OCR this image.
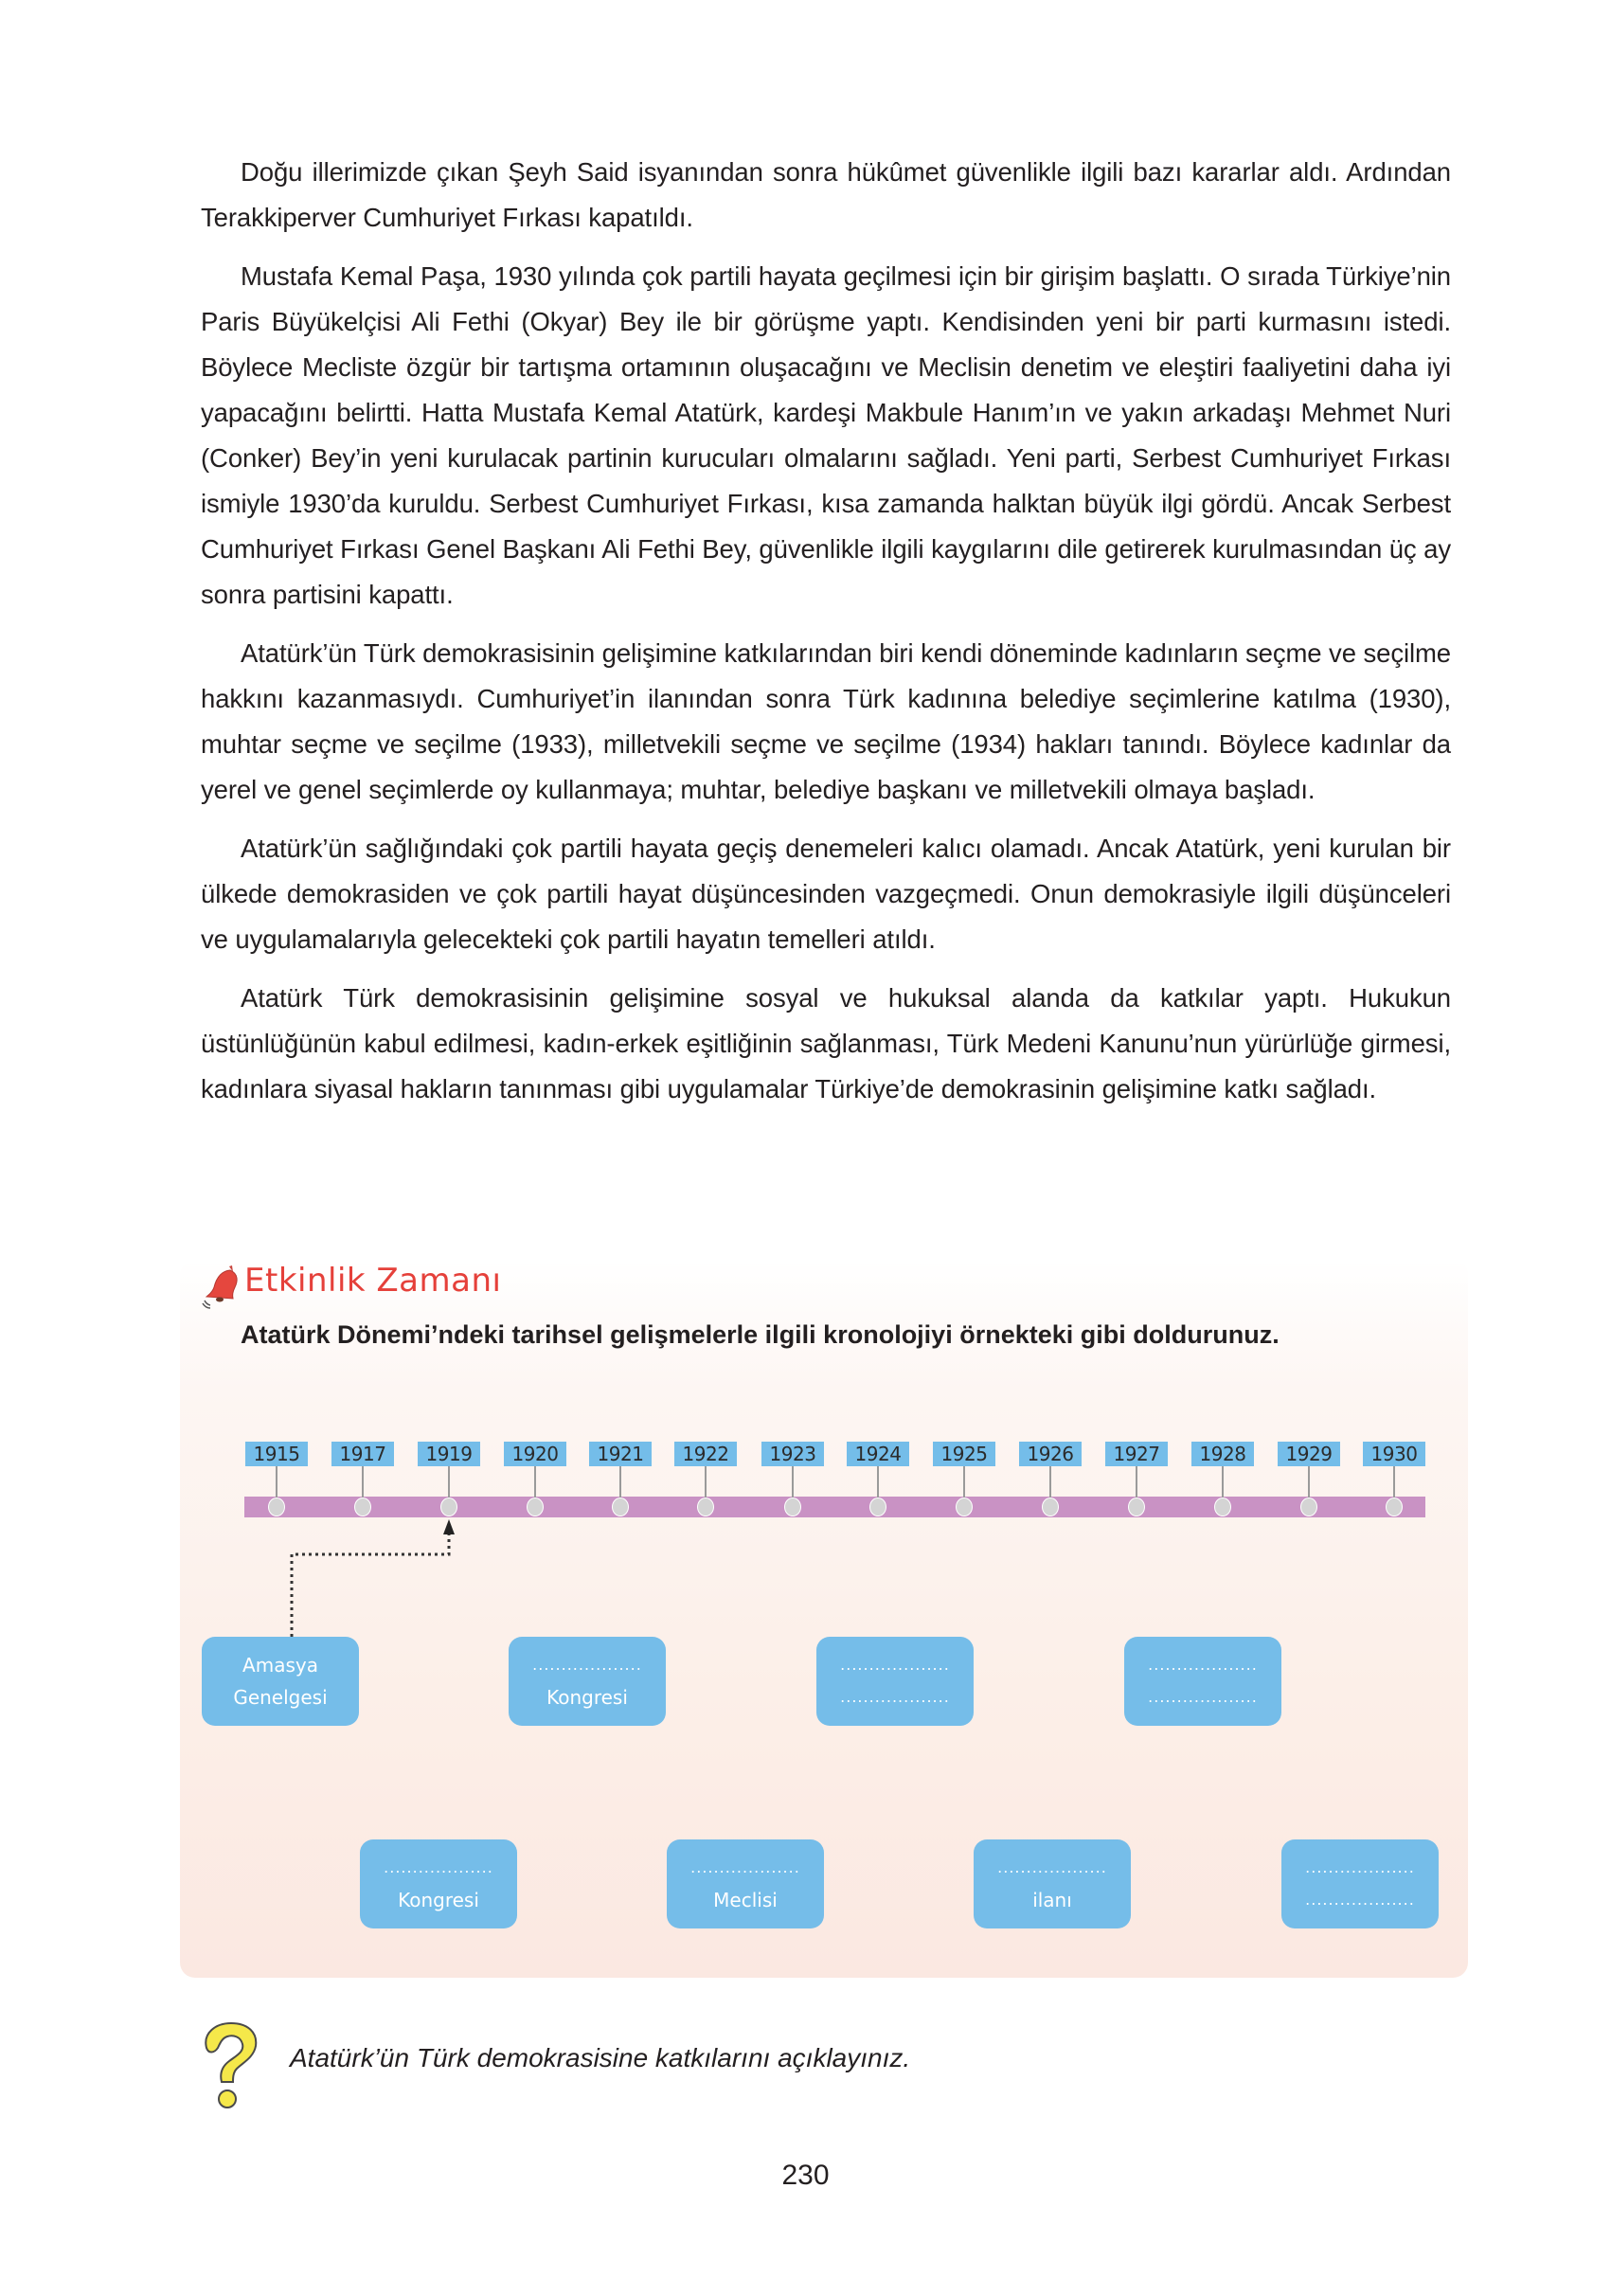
Doğu illerimizde çıkan Şeyh Said isyanından sonra hükûmet güvenlikle ilgili bazı kararlar aldı. Ardından Terakkiperver Cumhuriyet Fırkası kapatıldı.

Mustafa Kemal Paşa, 1930 yılında çok partili hayata geçilmesi için bir girişim başlattı. O sırada Türkiye’nin Paris Büyükelçisi Ali Fethi (Okyar) Bey ile bir görüşme yaptı. Kendisinden yeni bir parti kurmasını istedi. Böylece Mecliste özgür bir tartışma ortamının oluşacağını ve Meclisin denetim ve eleştiri faaliyetini daha iyi yapacağını belirtti. Hatta Mustafa Kemal Atatürk, kardeşi Makbule Hanım’ın ve yakın arkadaşı Mehmet Nuri (Conker) Bey’in yeni kurulacak partinin kurucuları olmalarını sağladı. Yeni parti, Serbest Cumhuriyet Fırkası ismiyle 1930’da kuruldu. Serbest Cumhuriyet Fırkası, kısa zamanda halktan büyük ilgi gördü. Ancak Serbest Cumhuriyet Fırkası Genel Başkanı Ali Fethi Bey, güvenlikle ilgili kaygılarını dile getirerek kurulmasından üç ay sonra partisini kapattı.

Atatürk’ün Türk demokrasisinin gelişimine katkılarından biri kendi döneminde kadınların seçme ve seçilme hakkını kazanmasıydı. Cumhuriyet’in ilanından sonra Türk kadınına belediye seçimlerine katılma (1930), muhtar seçme ve seçilme (1933), milletvekili seçme ve seçilme (1934) hakları tanındı. Böylece kadınlar da yerel ve genel seçimlerde oy kullanmaya; muhtar, belediye başkanı ve milletvekili olmaya başladı.

Atatürk’ün sağlığındaki çok partili hayata geçiş denemeleri kalıcı olamadı. Ancak Atatürk, yeni kurulan bir ülkede demokrasiden ve çok partili hayat düşüncesinden vazgeçmedi. Onun demokrasiyle ilgili düşünceleri ve uygulamalarıyla gelecekteki çok partili hayatın temelleri atıldı.

Atatürk Türk demokrasisinin gelişimine sosyal ve hukuksal alanda da katkılar yaptı. Hukukun üstünlüğünün kabul edilmesi, kadın-erkek eşitliğinin sağlanması, Türk Medeni Kanunu’nun yürürlüğe girmesi, kadınlara siyasal hakların tanınması gibi uygulamalar Türkiye’de demokrasinin gelişimine katkı sağladı.

Etkinlik Zamanı
Atatürk Dönemi’ndeki tarihsel gelişmelerle ilgili kronolojiyi örnekteki gibi doldurunuz.
1915	1917	1919	1920	1921	1922	1923	1924	1925	1926	1927	1928	1929	1930
Amasya
Genelgesi
...................
Kongresi
...................
...................
...................
...................
...................
Kongresi
...................
Meclisi
...................
ilanı
...................
...................
Atatürk’ün Türk demokrasisine katkılarını açıklayınız.
230
